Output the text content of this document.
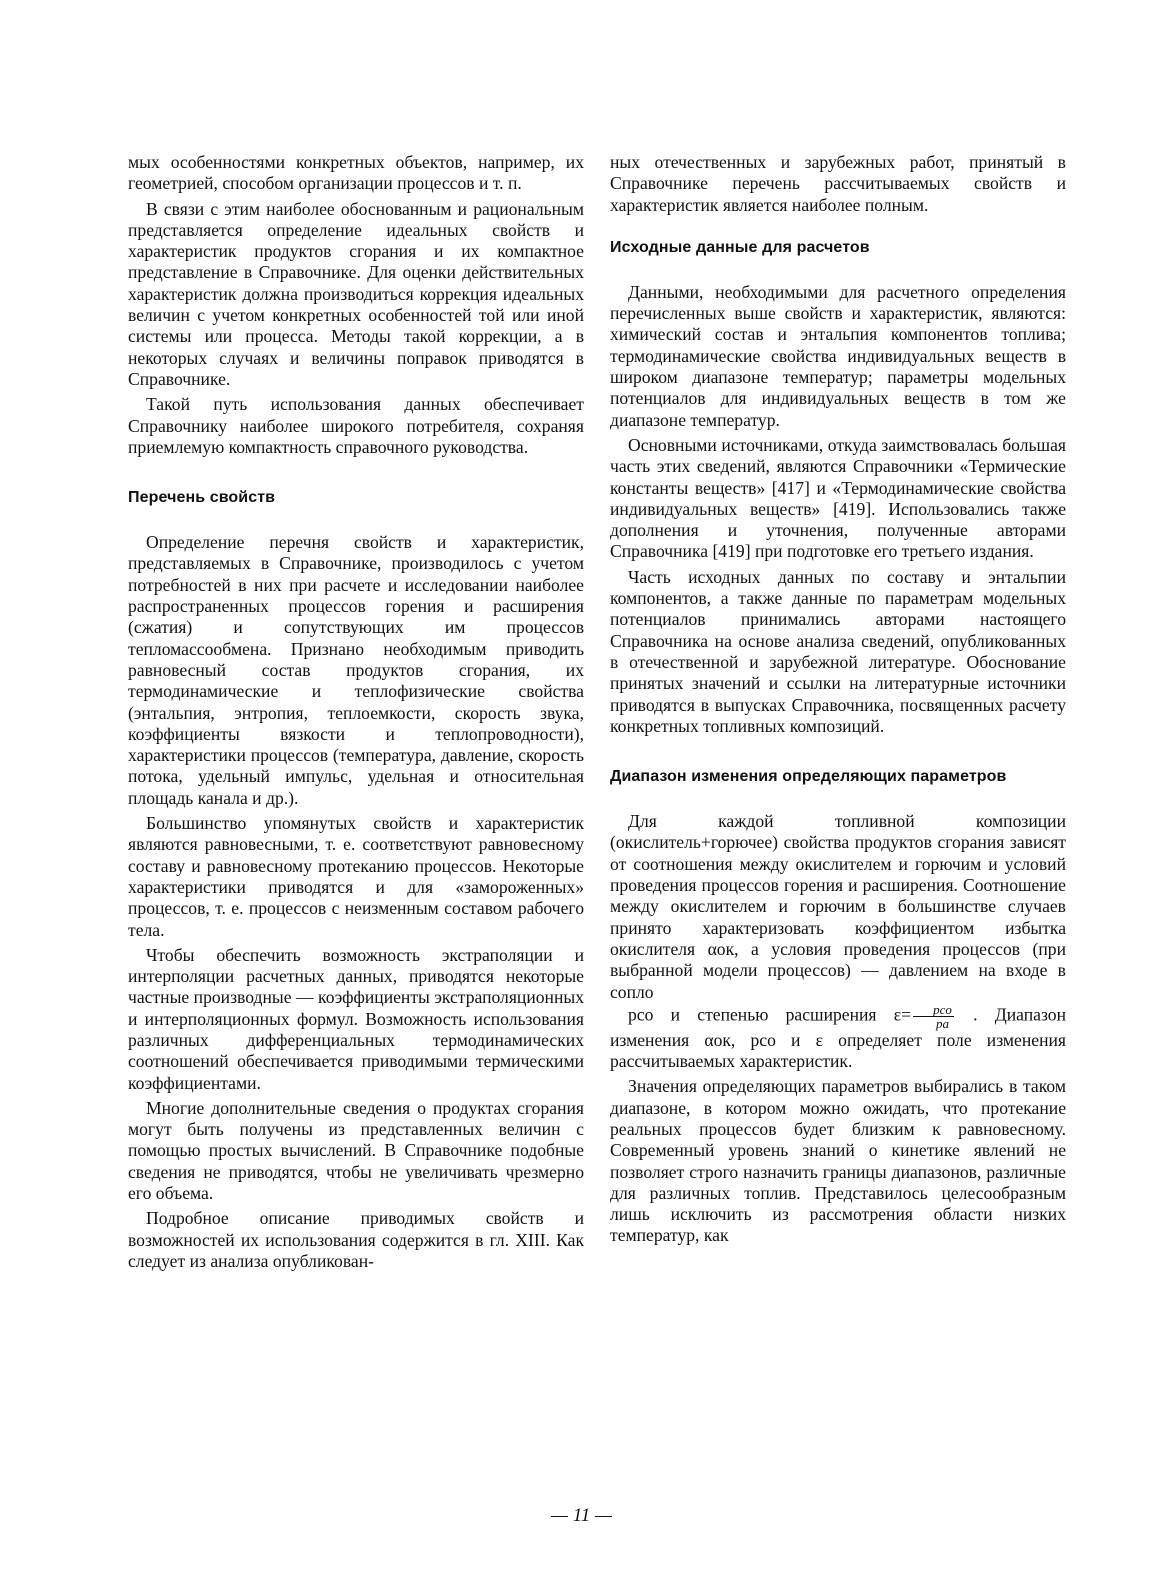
мых особенностями конкретных объектов, например, их геометрией, способом организации процессов и т. п.

В связи с этим наиболее обоснованным и рациональным представляется определение идеальных свойств и характеристик продуктов сгорания и их компактное представление в Справочнике. Для оценки действительных характеристик должна производиться коррекция идеальных величин с учетом конкретных особенностей той или иной системы или процесса. Методы такой коррекции, а в некоторых случаях и величины поправок приводятся в Справочнике.

Такой путь использования данных обеспечивает Справочнику наиболее широкого потребителя, сохраняя приемлемую компактность справочного руководства.

Перечень свойств

Определение перечня свойств и характеристик, представляемых в Справочнике, производилось с учетом потребностей в них при расчете и исследовании наиболее распространенных процессов горения и расширения (сжатия) и сопутствующих им процессов тепломассообмена. Признано необходимым приводить равновесный состав продуктов сгорания, их термодинамические и теплофизические свойства (энтальпия, энтропия, теплоемкости, скорость звука, коэффициенты вязкости и теплопроводности), характеристики процессов (температура, давление, скорость потока, удельный импульс, удельная и относительная площадь канала и др.).

Большинство упомянутых свойств и характеристик являются равновесными, т. е. соответствуют равновесному составу и равновесному протеканию процессов. Некоторые характеристики приводятся и для «замороженных» процессов, т. е. процессов с неизменным составом рабочего тела.

Чтобы обеспечить возможность экстраполяции и интерполяции расчетных данных, приводятся некоторые частные производные — коэффициенты экстраполяционных и интерполяционных формул. Возможность использования различных дифференциальных термодинамических соотношений обеспечивается приводимыми термическими коэффициентами.

Многие дополнительные сведения о продуктах сгорания могут быть получены из представленных величин с помощью простых вычислений. В Справочнике подобные сведения не приводятся, чтобы не увеличивать чрезмерно его объема.

Подробное описание приводимых свойств и возможностей их использования содержится в гл. XIII. Как следует из анализа опубликован-

ных отечественных и зарубежных работ, принятый в Справочнике перечень рассчитываемых свойств и характеристик является наиболее полным.

Исходные данные для расчетов

Данными, необходимыми для расчетного определения перечисленных выше свойств и характеристик, являются: химический состав и энтальпия компонентов топлива; термодинамические свойства индивидуальных веществ в широком диапазоне температур; параметры модельных потенциалов для индивидуальных веществ в том же диапазоне температур.

Основными источниками, откуда заимствовалась большая часть этих сведений, являются Справочники «Термические константы веществ» [417] и «Термодинамические свойства индивидуальных веществ» [419]. Использовались также дополнения и уточнения, полученные авторами Справочника [419] при подготовке его третьего издания.

Часть исходных данных по составу и энтальпии компонентов, а также данные по параметрам модельных потенциалов принимались авторами настоящего Справочника на основе анализа сведений, опубликованных в отечественной и зарубежной литературе. Обоснование принятых значений и ссылки на литературные источники приводятся в выпусках Справочника, посвященных расчету конкретных топливных композиций.

Диапазон изменения определяющих параметров

Для каждой топливной композиции (окислитель+горючее) свойства продуктов сгорания зависят от соотношения между окислителем и горючим и условий проведения процессов горения и расширения. Соотношение между окислителем и горючим в большинстве случаев принято характеризовать коэффициентом избытка окислителя αок, а условия проведения процессов (при выбранной модели процессов) — давлением на входе в сопло
pco и степенью расширения $\varepsilon= \frac{\text{pco}}{pa}$ . Диапазон изменения αок, pco и ε определяет поле изменения рассчитываемых характеристик.

Значения определяющих параметров выбирались в таком диапазоне, в котором можно ожидать, что протекание реальных процессов будет близким к равновесному. Современный уровень знаний о кинетике явлений не позволяет строго назначить границы диапазонов, различные для различных топлив. Представилось целесообразным лишь исключить из рассмотрения области низких температур, как

— 11 —
